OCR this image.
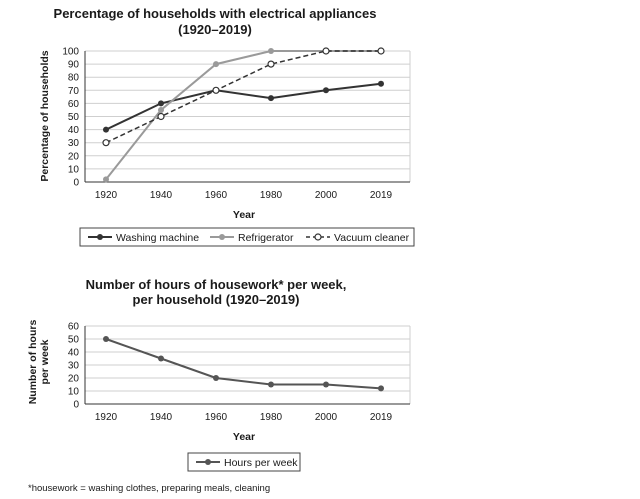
Percentage of households with electrical appliances
(1920–2019)
Year
Percentage of households
Washing machine	Refrigerator	Vacuum cleaner
Number of hours of housework* per week,
per household (1920–2019)
Year
Number of hours per week
Hours per week
*housework = washing clothes, preparing meals, cleaning
0
10
20
30
40
50
60
70
80
90
100
1920	1940	1960	1980	2000	2019
0
10
20
30
40
50
60
1920	1940	1960	1980	2000	2019
